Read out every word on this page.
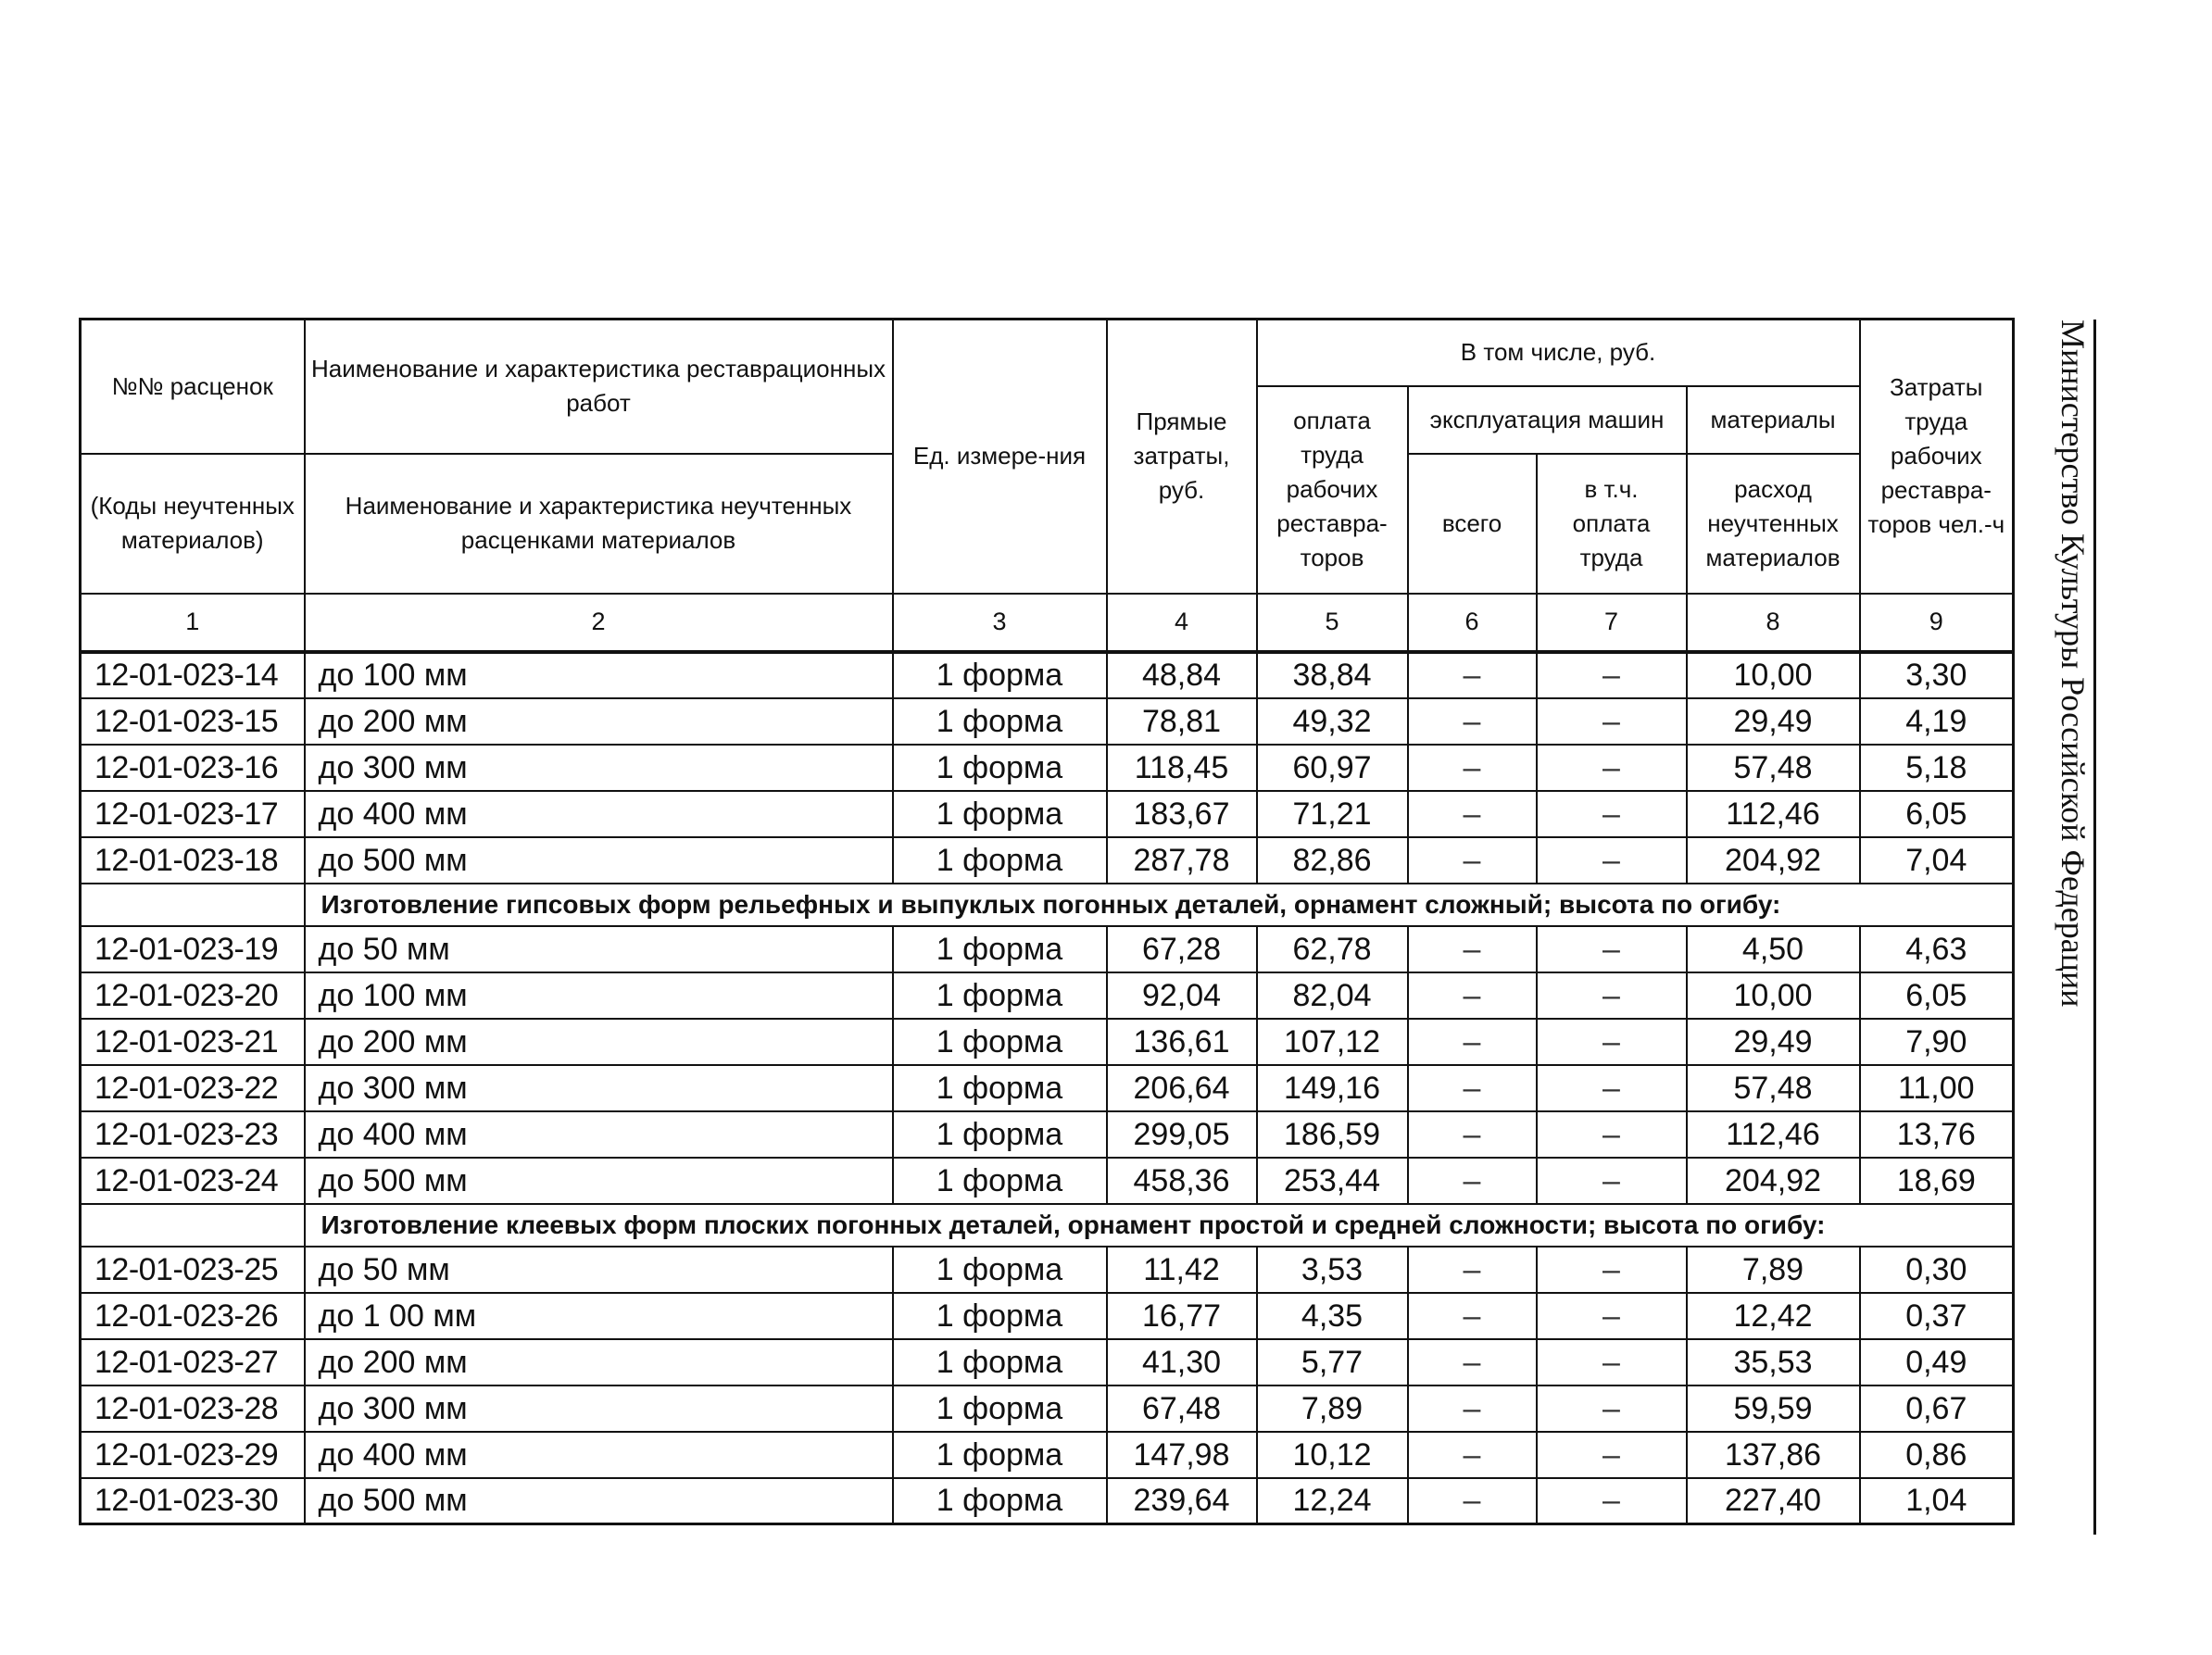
№№ расценок	Наименование и характеристика реставрационных работ	Ед. измере-ния	Прямые затраты, руб.	В том числе, руб.				Затраты труда рабочих реставра-торов чел.-ч
				оплата труда рабочих реставра-торов	эксплуатация машин		материалы	
(Коды неучтенных материалов)	Наименование и характеристика неучтенных расценками материалов				всего	в т.ч. оплата труда	расход неучтенных материалов	
1	2	3	4	5	6	7	8	9
12-01-023-14	до 100 мм	1 форма	48,84	38,84	–	–	10,00	3,30
12-01-023-15	до 200 мм	1 форма	78,81	49,32	–	–	29,49	4,19
12-01-023-16	до 300 мм	1 форма	118,45	60,97	–	–	57,48	5,18
12-01-023-17	до 400 мм	1 форма	183,67	71,21	–	–	112,46	6,05
12-01-023-18	до 500 мм	1 форма	287,78	82,86	–	–	204,92	7,04
	Изготовление гипсовых форм рельефных и выпуклых погонных деталей, орнамент сложный; высота по огибу:							
12-01-023-19	до 50 мм	1 форма	67,28	62,78	–	–	4,50	4,63
12-01-023-20	до 100 мм	1 форма	92,04	82,04	–	–	10,00	6,05
12-01-023-21	до 200 мм	1 форма	136,61	107,12	–	–	29,49	7,90
12-01-023-22	до 300 мм	1 форма	206,64	149,16	–	–	57,48	11,00
12-01-023-23	до 400 мм	1 форма	299,05	186,59	–	–	112,46	13,76
12-01-023-24	до 500 мм	1 форма	458,36	253,44	–	–	204,92	18,69
	Изготовление клеевых форм плоских погонных деталей, орнамент простой и средней сложности; высота по огибу:							
12-01-023-25	до 50 мм	1 форма	11,42	3,53	–	–	7,89	0,30
12-01-023-26	до 1 00 мм	1 форма	16,77	4,35	–	–	12,42	0,37
12-01-023-27	до 200 мм	1 форма	41,30	5,77	–	–	35,53	0,49
12-01-023-28	до 300 мм	1 форма	67,48	7,89	–	–	59,59	0,67
12-01-023-29	до 400 мм	1 форма	147,98	10,12	–	–	137,86	0,86
12-01-023-30	до 500 мм	1 форма	239,64	12,24	–	–	227,40	1,04
Министерство Культуры Российской Федерации
